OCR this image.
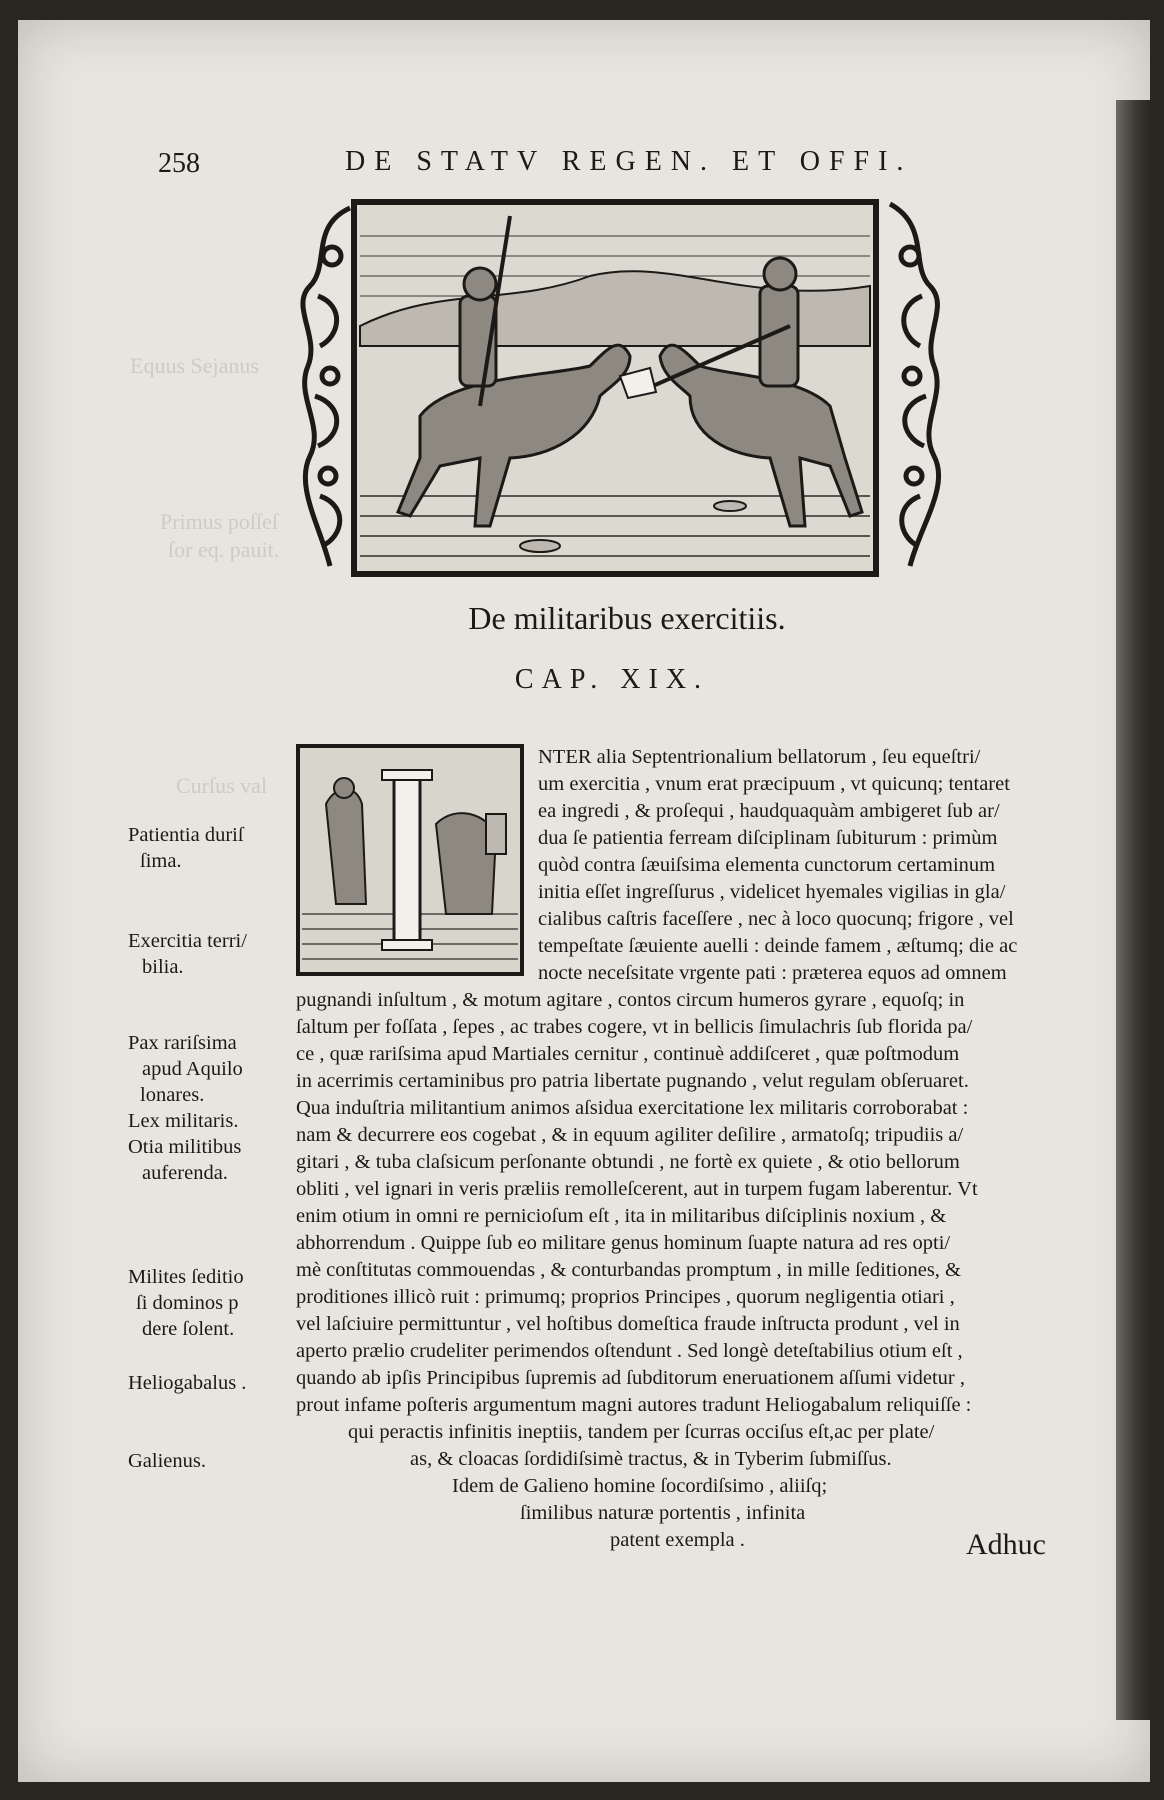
Equus Sejanus
Primus poſſeſ
ſor eq. pauit.
Curſus val
258	DE STATV REGEN. ET OFFI.
De militaribus exercitiis.
CAP. XIX.
NTER alia Septentrionalium bellatorum , ſeu equeſtri/
um exercitia , vnum erat præcipuum , vt quicunq; tentaret
ea ingredi , & proſequi , haudquaquàm ambigeret ſub ar/
dua ſe patientia ferream diſciplinam ſubiturum : primùm
quòd contra ſæuiſsima elementa cunctorum certaminum
initia eſſet ingreſſurus , videlicet hyemales vigilias in gla/
cialibus caſtris faceſſere , nec à loco quocunq; frigore , vel
tempeſtate ſæuiente auelli : deinde famem , æſtumq; die ac
nocte neceſsitate vrgente pati : præterea equos ad omnem
pugnandi inſultum , & motum agitare , contos circum humeros gyrare , equoſq; in
ſaltum per foſſata , ſepes , ac trabes cogere, vt in bellicis ſimulachris ſub florida pa/
ce , quæ rariſsima apud Martiales cernitur , continuè addiſceret , quæ poſtmodum
in acerrimis certaminibus pro patria libertate pugnando , velut regulam obſeruaret.
Qua induſtria militantium animos aſsidua exercitatione lex militaris corroborabat :
nam & decurrere eos cogebat , & in equum agiliter deſilire , armatoſq; tripudiis a/
gitari , & tuba claſsicum perſonante obtundi , ne fortè ex quiete , & otio bellorum
obliti , vel ignari in veris præliis remolleſcerent, aut in turpem fugam laberentur. Vt
enim otium in omni re pernicioſum eſt , ita in militaribus diſciplinis noxium , &
abhorrendum . Quippe ſub eo militare genus hominum ſuapte natura ad res opti/
mè conſtitutas commouendas , & conturbandas promptum , in mille ſeditiones, &
proditiones illicò ruit : primumq; proprios Principes , quorum negligentia otiari ,
vel laſciuire permittuntur , vel hoſtibus domeſtica fraude inſtructa produnt , vel in
aperto prælio crudeliter perimendos oſtendunt . Sed longè deteſtabilius otium eſt ,
quando ab ipſis Principibus ſupremis ad ſubditorum eneruationem aſſumi videtur ,
prout infame poſteris argumentum magni autores tradunt Heliogabalum reliquiſſe :
qui peractis infinitis ineptiis, tandem per ſcurras occiſus eſt,ac per plate/
as, & cloacas ſordidiſsimè tractus, & in Tyberim ſubmiſſus.
Idem de Galieno homine ſocordiſsimo , aliiſq;
ſimilibus naturæ portentis , infinita
patent exempla .
Patientia duriſ
ſima.
Exercitia terri/
bilia.
Pax rariſsima
apud Aquilo
lonares.
Lex militaris.
Otia militibus
auferenda.
Milites ſeditio
ſi dominos p
dere ſolent.
Heliogabalus .
Galienus.
Adhuc
